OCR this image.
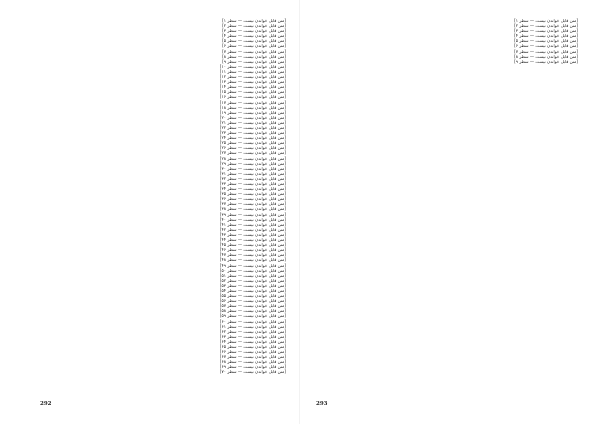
[متن قابل خواندن نیست — سطر ۱]
[متن قابل خواندن نیست — سطر ۲]
[متن قابل خواندن نیست — سطر ۳]
[متن قابل خواندن نیست — سطر ۴]
[متن قابل خواندن نیست — سطر ۵]
[متن قابل خواندن نیست — سطر ۶]
[متن قابل خواندن نیست — سطر ۷]
[متن قابل خواندن نیست — سطر ۸]
[متن قابل خواندن نیست — سطر ۹]
[متن قابل خواندن نیست — سطر ۱۰]
[متن قابل خواندن نیست — سطر ۱۱]
[متن قابل خواندن نیست — سطر ۱۲]
[متن قابل خواندن نیست — سطر ۱۳]
[متن قابل خواندن نیست — سطر ۱۴]
[متن قابل خواندن نیست — سطر ۱۵]
[متن قابل خواندن نیست — سطر ۱۶]
[متن قابل خواندن نیست — سطر ۱۷]
[متن قابل خواندن نیست — سطر ۱۸]
[متن قابل خواندن نیست — سطر ۱۹]
[متن قابل خواندن نیست — سطر ۲۰]
[متن قابل خواندن نیست — سطر ۲۱]
[متن قابل خواندن نیست — سطر ۲۲]
[متن قابل خواندن نیست — سطر ۲۳]
[متن قابل خواندن نیست — سطر ۲۴]
[متن قابل خواندن نیست — سطر ۲۵]
[متن قابل خواندن نیست — سطر ۲۶]
[متن قابل خواندن نیست — سطر ۲۷]
[متن قابل خواندن نیست — سطر ۲۸]
[متن قابل خواندن نیست — سطر ۲۹]
[متن قابل خواندن نیست — سطر ۳۰]
[متن قابل خواندن نیست — سطر ۳۱]
[متن قابل خواندن نیست — سطر ۳۲]
[متن قابل خواندن نیست — سطر ۳۳]
[متن قابل خواندن نیست — سطر ۳۴]
[متن قابل خواندن نیست — سطر ۳۵]
[متن قابل خواندن نیست — سطر ۳۶]
[متن قابل خواندن نیست — سطر ۳۷]
[متن قابل خواندن نیست — سطر ۳۸]
[متن قابل خواندن نیست — سطر ۳۹]
[متن قابل خواندن نیست — سطر ۴۰]
[متن قابل خواندن نیست — سطر ۴۱]
[متن قابل خواندن نیست — سطر ۴۲]
[متن قابل خواندن نیست — سطر ۴۳]
[متن قابل خواندن نیست — سطر ۴۴]
[متن قابل خواندن نیست — سطر ۴۵]
[متن قابل خواندن نیست — سطر ۴۶]
[متن قابل خواندن نیست — سطر ۴۷]
[متن قابل خواندن نیست — سطر ۴۸]
[متن قابل خواندن نیست — سطر ۴۹]
[متن قابل خواندن نیست — سطر ۵۰]
[متن قابل خواندن نیست — سطر ۵۱]
[متن قابل خواندن نیست — سطر ۵۲]
[متن قابل خواندن نیست — سطر ۵۳]
[متن قابل خواندن نیست — سطر ۵۴]
[متن قابل خواندن نیست — سطر ۵۵]
[متن قابل خواندن نیست — سطر ۵۶]
[متن قابل خواندن نیست — سطر ۵۷]
[متن قابل خواندن نیست — سطر ۵۸]
[متن قابل خواندن نیست — سطر ۵۹]
[متن قابل خواندن نیست — سطر ۶۰]
[متن قابل خواندن نیست — سطر ۶۱]
[متن قابل خواندن نیست — سطر ۶۲]
[متن قابل خواندن نیست — سطر ۶۳]
[متن قابل خواندن نیست — سطر ۶۴]
[متن قابل خواندن نیست — سطر ۶۵]
[متن قابل خواندن نیست — سطر ۶۶]
[متن قابل خواندن نیست — سطر ۶۷]
[متن قابل خواندن نیست — سطر ۶۸]
[متن قابل خواندن نیست — سطر ۶۹]
[متن قابل خواندن نیست — سطر ۷۰]
292
[متن قابل خواندن نیست — سطر ۱]
[متن قابل خواندن نیست — سطر ۲]
[متن قابل خواندن نیست — سطر ۳]
[متن قابل خواندن نیست — سطر ۴]
[متن قابل خواندن نیست — سطر ۵]
[متن قابل خواندن نیست — سطر ۶]
[متن قابل خواندن نیست — سطر ۷]
[متن قابل خواندن نیست — سطر ۸]
[متن قابل خواندن نیست — سطر ۹]
293
